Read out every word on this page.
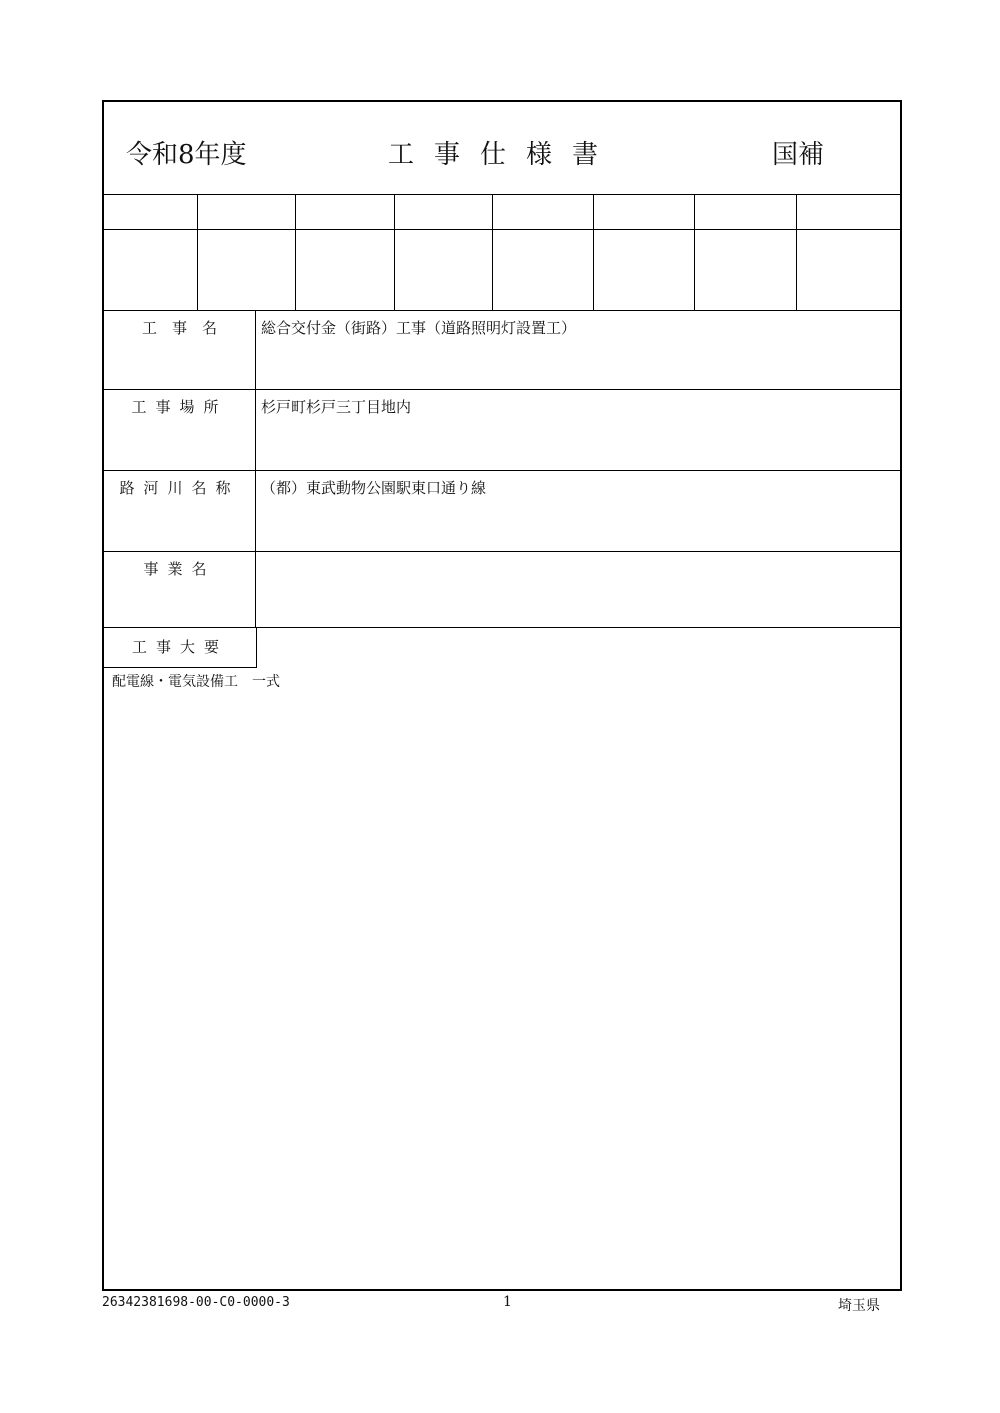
令和8年度	工事仕様書	国補
工　事　名	総合交付金（街路）工事（道路照明灯設置工）
工事場所	杉戸町杉戸三丁目地内
路河川名称	（都）東武動物公園駅東口通り線
事業名
工事大要
配電線・電気設備工　一式
26342381698-00-C0-0000-3	1	埼玉県
